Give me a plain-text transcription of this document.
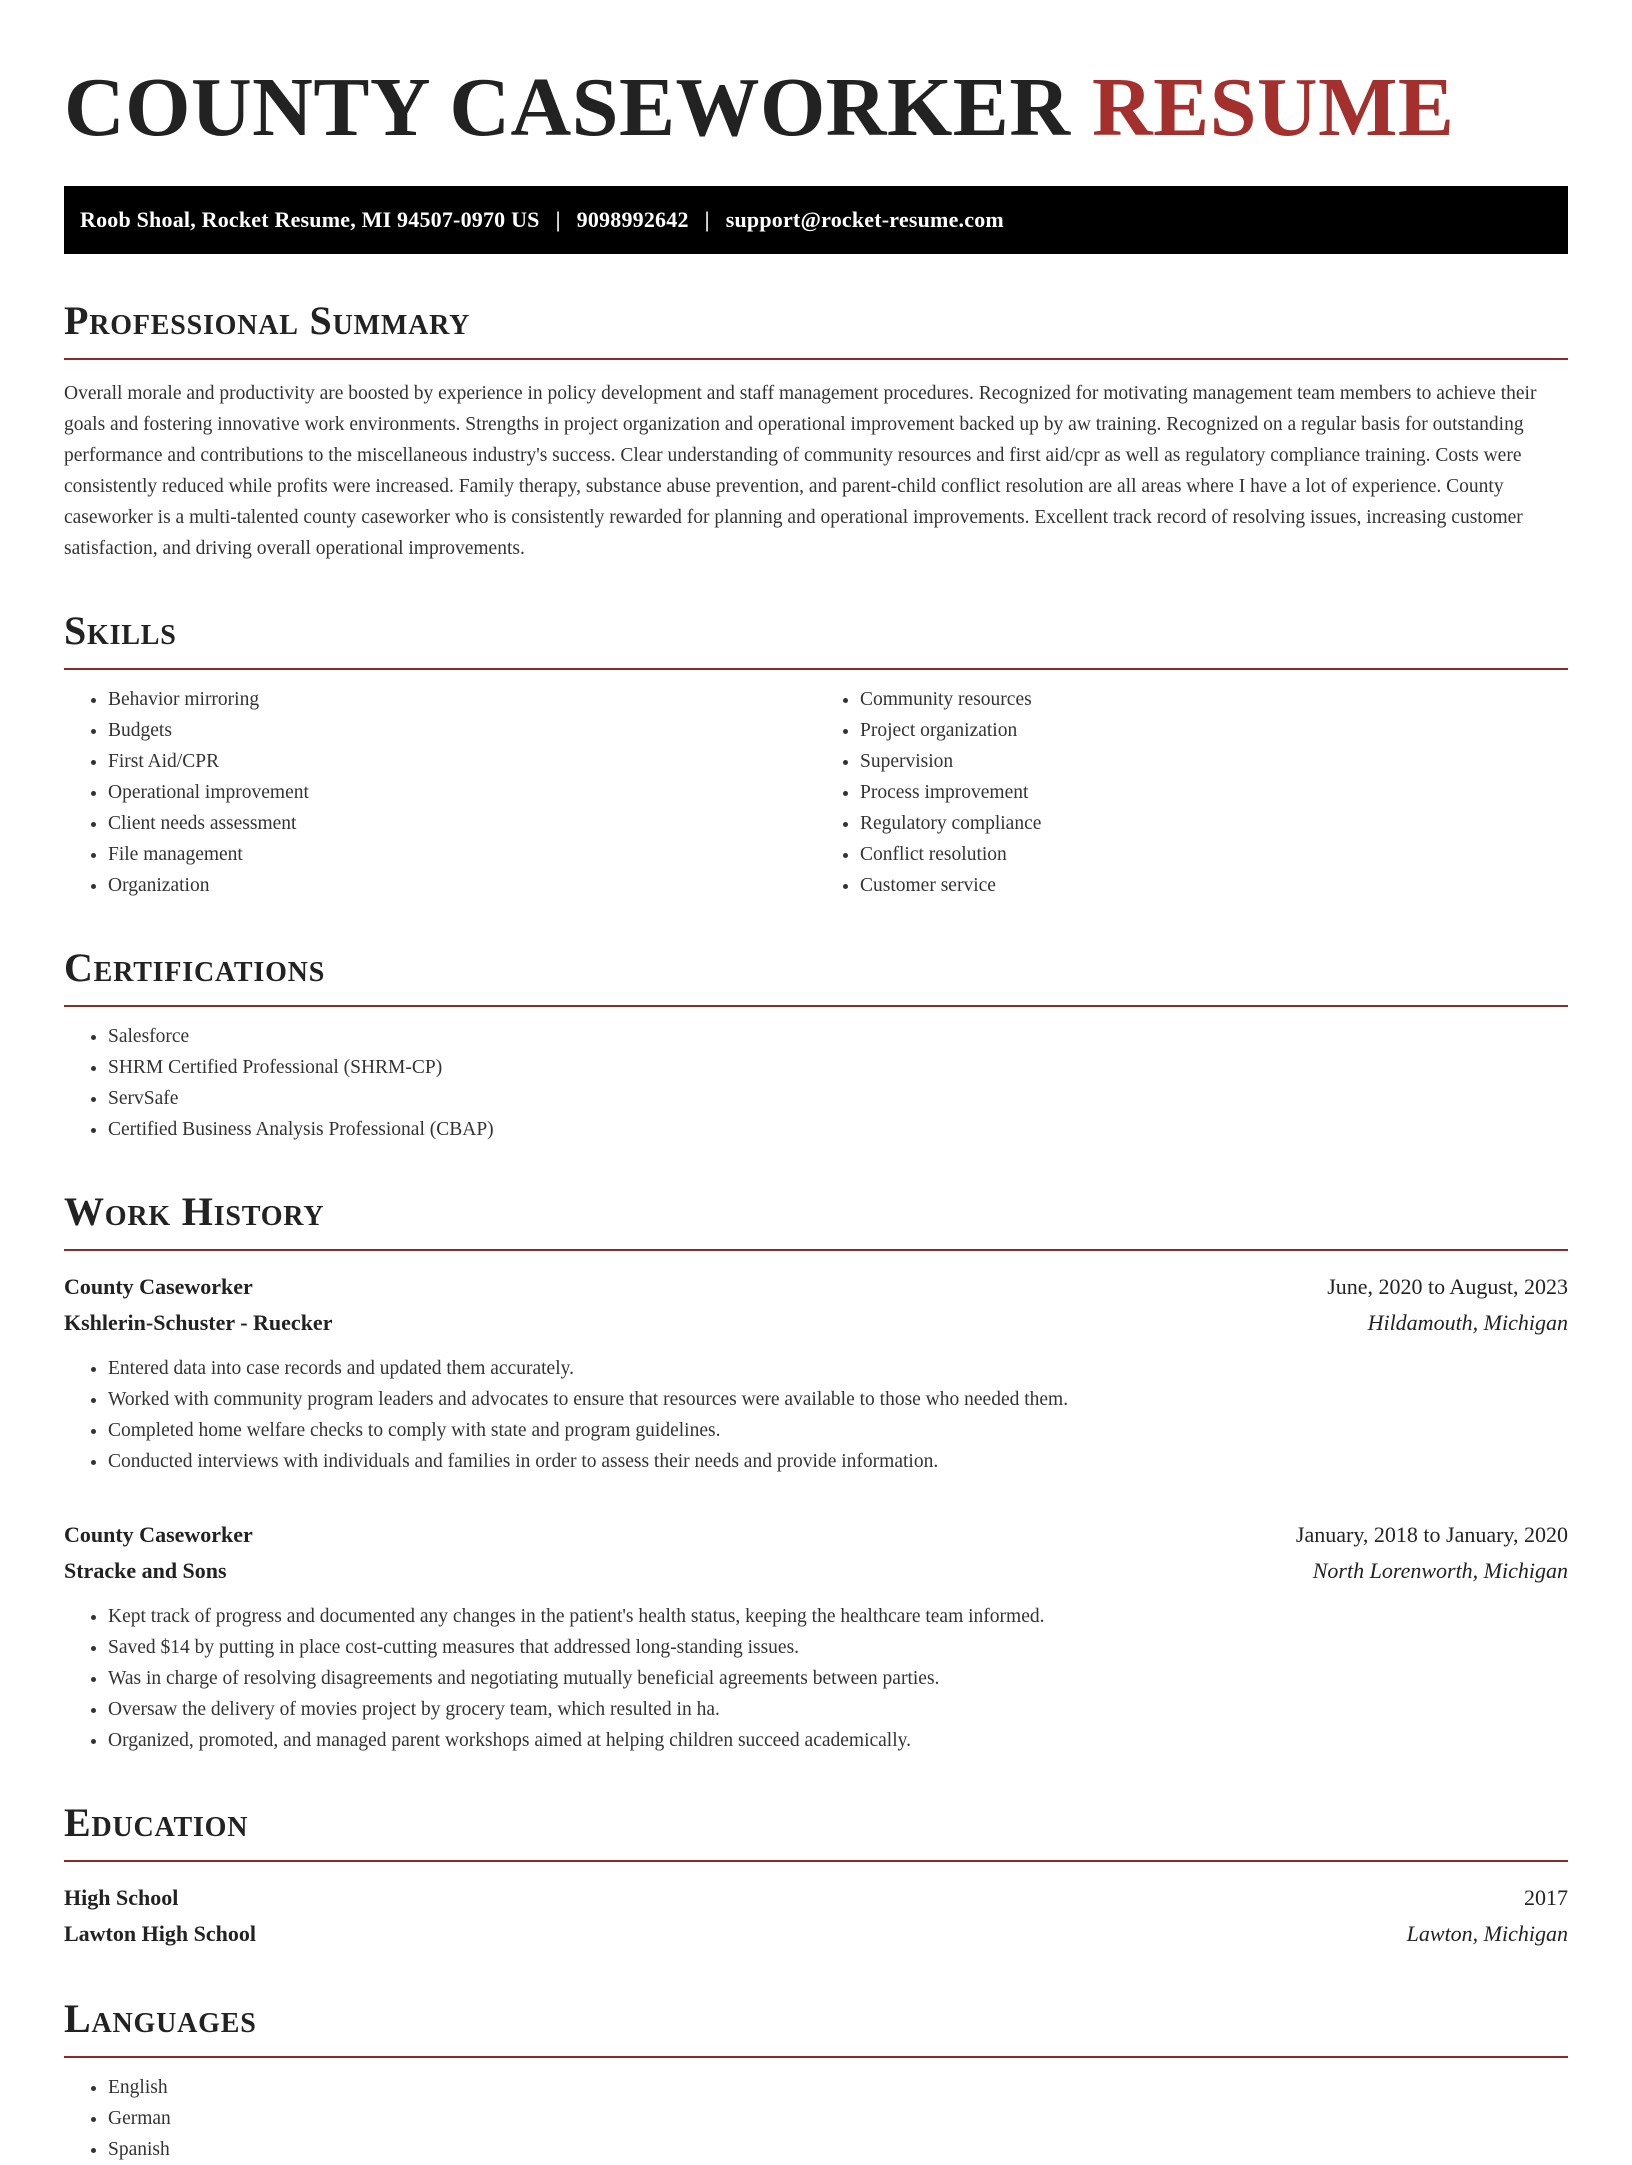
COUNTY CASEWORKER RESUME
Roob Shoal, Rocket Resume, MI 94507-0970 US | 9098992642 | support@rocket-resume.com
Professional Summary

Overall morale and productivity are boosted by experience in policy development and staff management procedures. Recognized for motivating management team members to achieve their goals and fostering innovative work environments. Strengths in project organization and operational improvement backed up by aw training. Recognized on a regular basis for outstanding performance and contributions to the miscellaneous industry's success. Clear understanding of community resources and first aid/cpr as well as regulatory compliance training. Costs were consistently reduced while profits were increased. Family therapy, substance abuse prevention, and parent-child conflict resolution are all areas where I have a lot of experience. County caseworker is a multi-talented county caseworker who is consistently rewarded for planning and operational improvements. Excellent track record of resolving issues, increasing customer satisfaction, and driving overall operational improvements.

Skills
• Behavior mirroring
• Budgets
• First Aid/CPR
• Operational improvement
• Client needs assessment
• File management
• Organization
• Community resources
• Project organization
• Supervision
• Process improvement
• Regulatory compliance
• Conflict resolution
• Customer service
Certifications
• Salesforce
• SHRM Certified Professional (SHRM-CP)
• ServSafe
• Certified Business Analysis Professional (CBAP)
Work History
County Caseworker	June, 2020 to August, 2023
Kshlerin-Schuster - Ruecker	Hildamouth, Michigan
• Entered data into case records and updated them accurately.
• Worked with community program leaders and advocates to ensure that resources were available to those who needed them.
• Completed home welfare checks to comply with state and program guidelines.
• Conducted interviews with individuals and families in order to assess their needs and provide information.
County Caseworker	January, 2018 to January, 2020
Stracke and Sons	North Lorenworth, Michigan
• Kept track of progress and documented any changes in the patient's health status, keeping the healthcare team informed.
• Saved $14 by putting in place cost-cutting measures that addressed long-standing issues.
• Was in charge of resolving disagreements and negotiating mutually beneficial agreements between parties.
• Oversaw the delivery of movies project by grocery team, which resulted in ha.
• Organized, promoted, and managed parent workshops aimed at helping children succeed academically.
Education
High School	2017
Lawton High School	Lawton, Michigan
Languages
• English
• German
• Spanish
